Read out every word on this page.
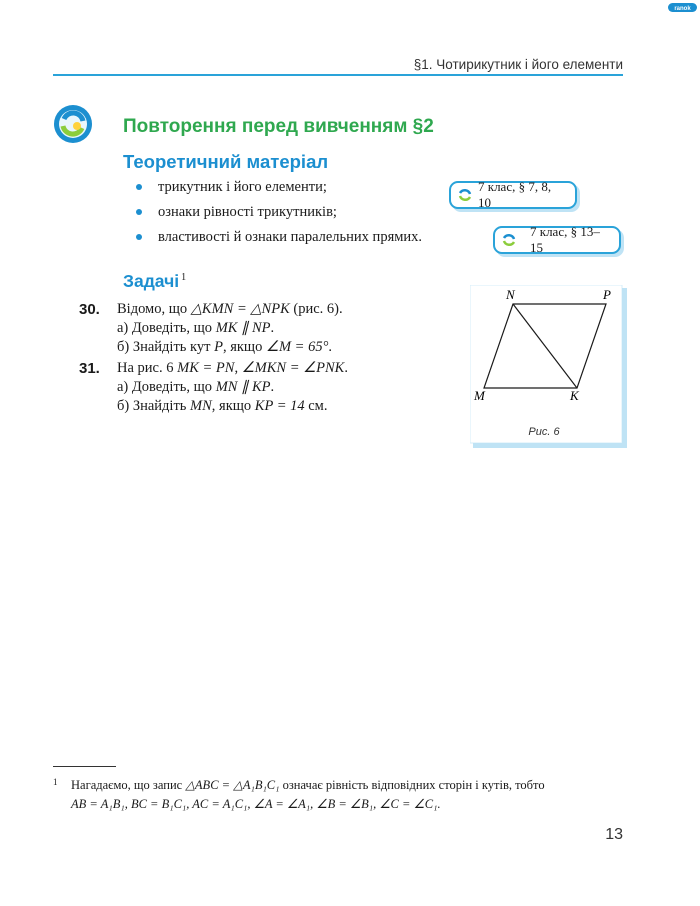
ranok
§1. Чотирикутник і його елементи
Повторення перед вивченням §2
Теоретичний матеріал
трикутник і його елементи;
ознаки рівності трикутників;
властивості й ознаки паралельних прямих.
7 клас, § 7, 8, 10
7 клас, § 13–15
Задачі $^1$
30. Відомо, що △KMN = △NPK (рис. 6).
а) Доведіть, що MK ∥ NP.
б) Знайдіть кут P, якщо ∠M = 65°.
31. На рис. 6 MK = PN, ∠MKN = ∠PNK.
а) Доведіть, що MN ∥ KP.
б) Знайдіть MN, якщо KP = 14 см.
N	P
M	K
Рис. 6
1	Нагадаємо, що запис △ABC = △A₁B₁C₁ означає рівність відповідних сторін і кутів, тобто
AB = A₁B₁, BC = B₁C₁, AC = A₁C₁, ∠A = ∠A₁, ∠B = ∠B₁, ∠C = ∠C₁.
13
